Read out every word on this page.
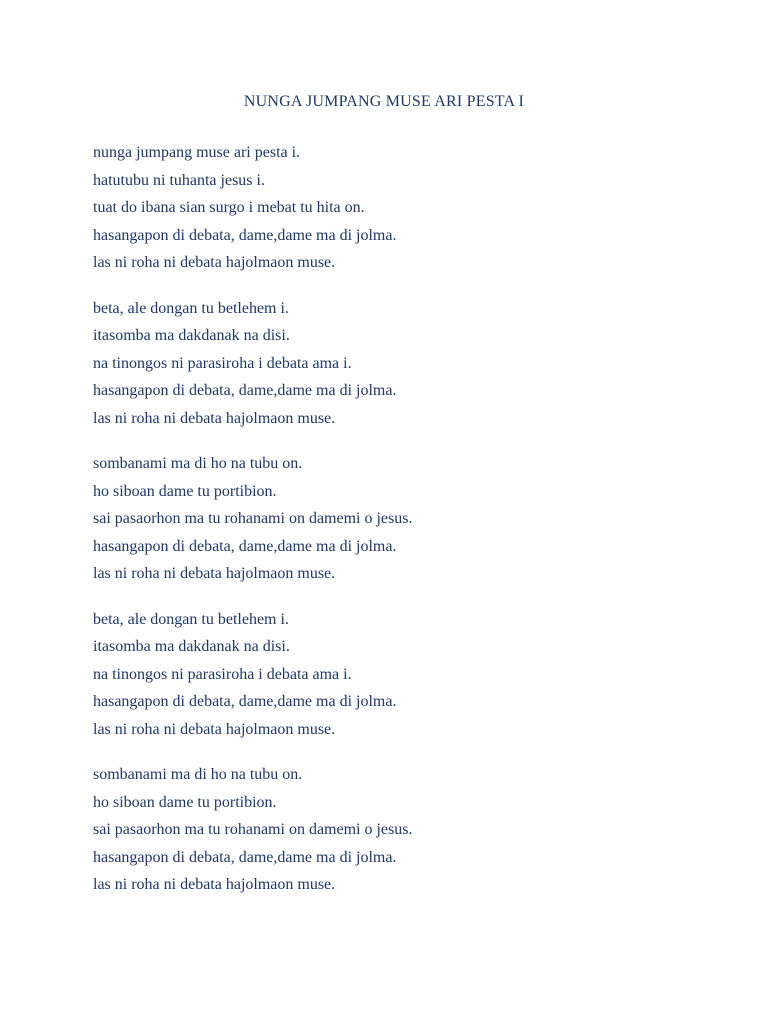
NUNGA JUMPANG MUSE ARI PESTA I
nunga jumpang muse ari pesta i.
hatutubu ni tuhanta jesus i.
tuat do ibana sian surgo i mebat tu hita on.
hasangapon di debata, dame,dame ma di jolma.
las ni roha ni debata hajolmaon muse.
beta, ale dongan tu betlehem i.
itasomba ma dakdanak na disi.
na tinongos ni parasiroha i debata ama i.
hasangapon di debata, dame,dame ma di jolma.
las ni roha ni debata hajolmaon muse.
sombanami ma di ho na tubu on.
ho siboan dame tu portibion.
sai pasaorhon ma tu rohanami on damemi o jesus.
hasangapon di debata, dame,dame ma di jolma.
las ni roha ni debata hajolmaon muse.
beta, ale dongan tu betlehem i.
itasomba ma dakdanak na disi.
na tinongos ni parasiroha i debata ama i.
hasangapon di debata, dame,dame ma di jolma.
las ni roha ni debata hajolmaon muse.
sombanami ma di ho na tubu on.
ho siboan dame tu portibion.
sai pasaorhon ma tu rohanami on damemi o jesus.
hasangapon di debata, dame,dame ma di jolma.
las ni roha ni debata hajolmaon muse.
